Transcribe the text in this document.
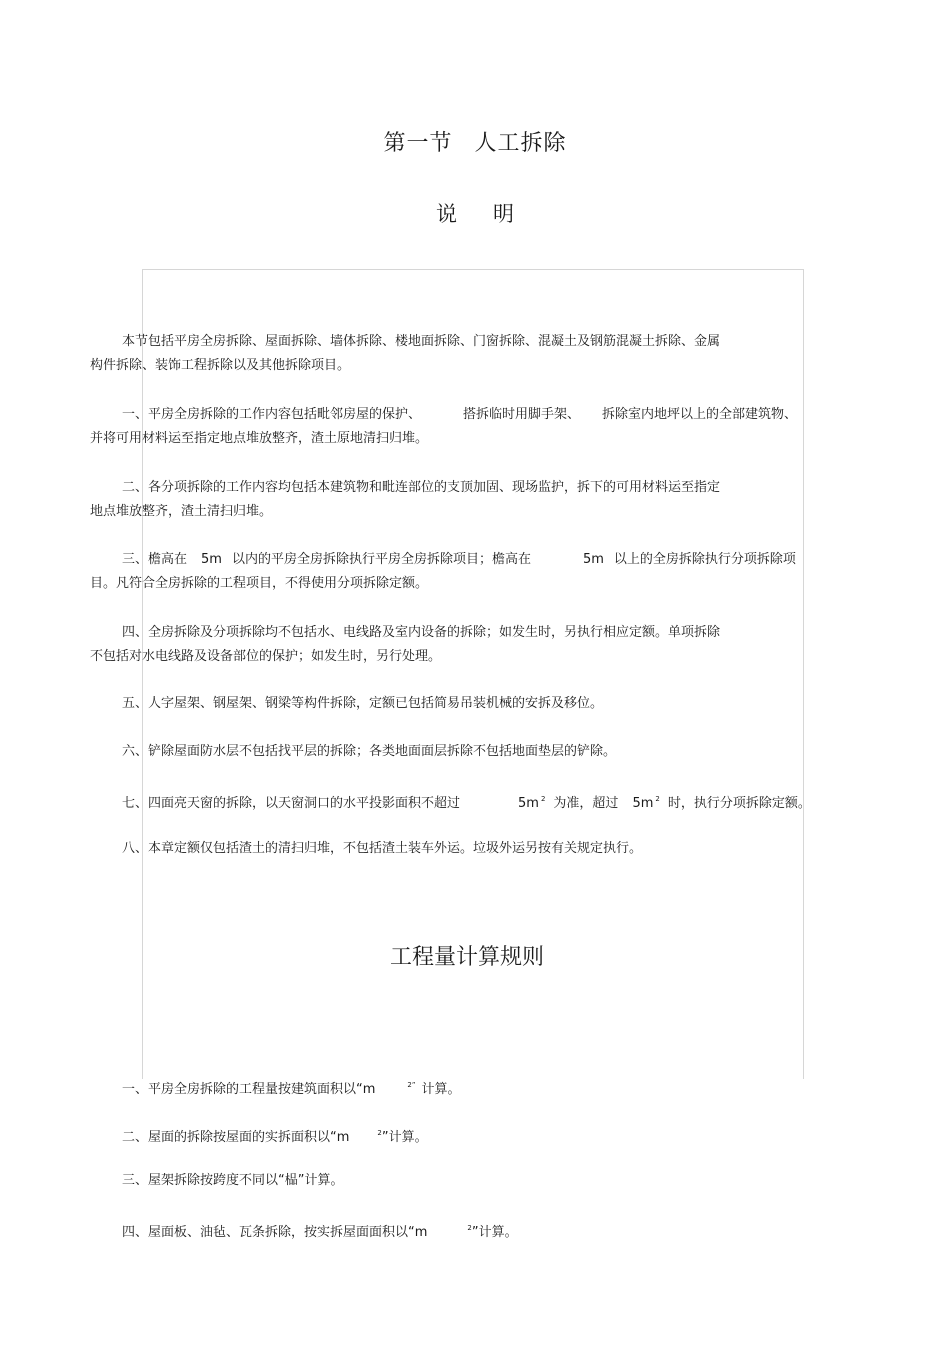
第一节 人工拆除
说 明
本节包括平房全房拆除、屋面拆除、墙体拆除、楼地面拆除、门窗拆除、混凝土及钢筋混凝土拆除、金属
构件拆除、装饰工程拆除以及其他拆除项目。
一、平房全房拆除的工作内容包括毗邻房屋的保护、	搭拆临时用脚手架、 拆除室内地坪以上的全部建筑物、
并将可用材料运至指定地点堆放整齐，渣土原地清扫归堆。
二、各分项拆除的工作内容均包括本建筑物和毗连部位的支顶加固、现场监护，拆下的可用材料运至指定
地点堆放整齐，渣土清扫归堆。
三、檐高在 5m 以内的平房全房拆除执行平房全房拆除项目；檐高在	5m 以上的全房拆除执行分项拆除项
目。凡符合全房拆除的工程项目，不得使用分项拆除定额。
四、全房拆除及分项拆除均不包括水、电线路及室内设备的拆除；如发生时，另执行相应定额。单项拆除
不包括对水电线路及设备部位的保护；如发生时，另行处理。
五、人字屋架、钢屋架、钢梁等构件拆除，定额已包括简易吊装机械的安拆及移位。
六、铲除屋面防水层不包括找平层的拆除；各类地面面层拆除不包括地面垫层的铲除。
七、四面亮天窗的拆除，以天窗洞口的水平投影面积不超过	5m $^2$ 为准，超过 5m $^2$ 时，执行分项拆除定额。
八、本章定额仅包括渣土的清扫归堆，不包括渣土装车外运。垃圾外运另按有关规定执行。
工程量计算规则
一、平房全房拆除的工程量按建筑面积以“m	$^{2”}$ 计算。
二、屋面的拆除按屋面的实拆面积以“m	$^2$”计算。
三、屋架拆除按跨度不同以“榀”计算。
四、屋面板、油毡、瓦条拆除，按实拆屋面面积以“m	$^2$”计算。
